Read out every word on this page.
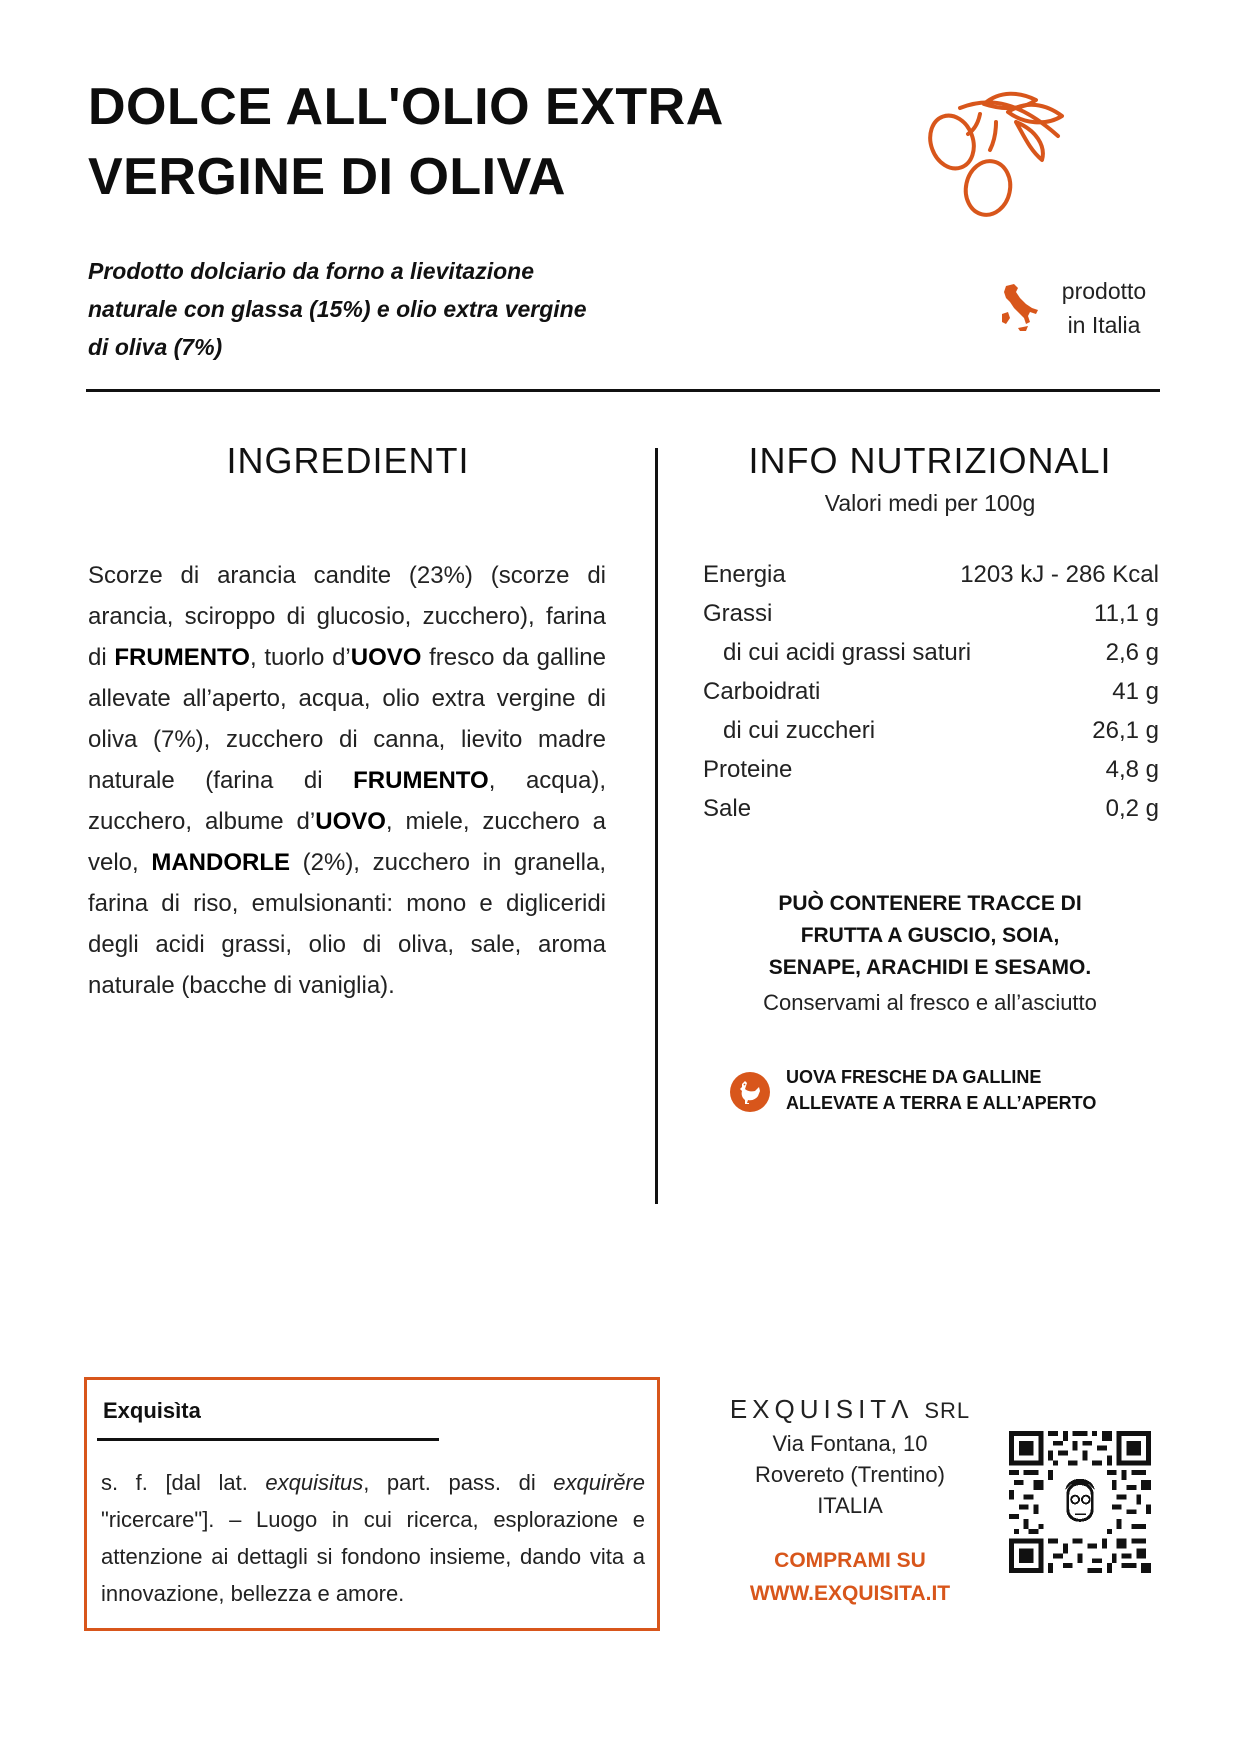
DOLCE ALL'OLIO EXTRA
VERGINE DI OLIVA
Prodotto dolciario da forno a lievitazione
naturale con glassa (15%) e olio extra vergine
di oliva (7%)
prodotto
in Italia
INGREDIENTI
Scorze di arancia candite (23%) (scorze di arancia, sciroppo di glucosio, zucchero), farina di FRUMENTO, tuorlo d’UOVO fresco da galline allevate all’aperto, acqua, olio extra vergine di oliva (7%), zucchero di canna, lievito madre naturale (farina di FRUMENTO, acqua), zucchero, albume d’UOVO, miele, zucchero a velo, MANDORLE (2%), zucchero in granella, farina di riso, emulsionanti: mono e digliceridi degli acidi grassi, olio di oliva, sale, aroma naturale (bacche di vaniglia).
INFO NUTRIZIONALI
Valori medi per 100g
Energia	1203 kJ - 286 Kcal
Grassi	11,1 g
di cui acidi grassi saturi	2,6 g
Carboidrati	41 g
di cui zuccheri	26,1 g
Proteine	4,8 g
Sale	0,2 g
PUÒ CONTENERE TRACCE DI
FRUTTA A GUSCIO, SOIA,
SENAPE, ARACHIDI E SESAMO.
Conservami al fresco e all’asciutto
UOVA FRESCHE DA GALLINE
ALLEVATE A TERRA E ALL’APERTO
Exquisìta
s. f. [dal lat. exquisitus, part. pass. di exquirĕre "ricercare"]. – Luogo in cui ricerca, esplorazione e attenzione ai dettagli si fondono insieme, dando vita a innovazione, bellezza e amore.
EXQUISITΛ SRL
Via Fontana, 10
Rovereto (Trentino)
ITALIA
COMPRAMI SU
WWW.EXQUISITA.IT
